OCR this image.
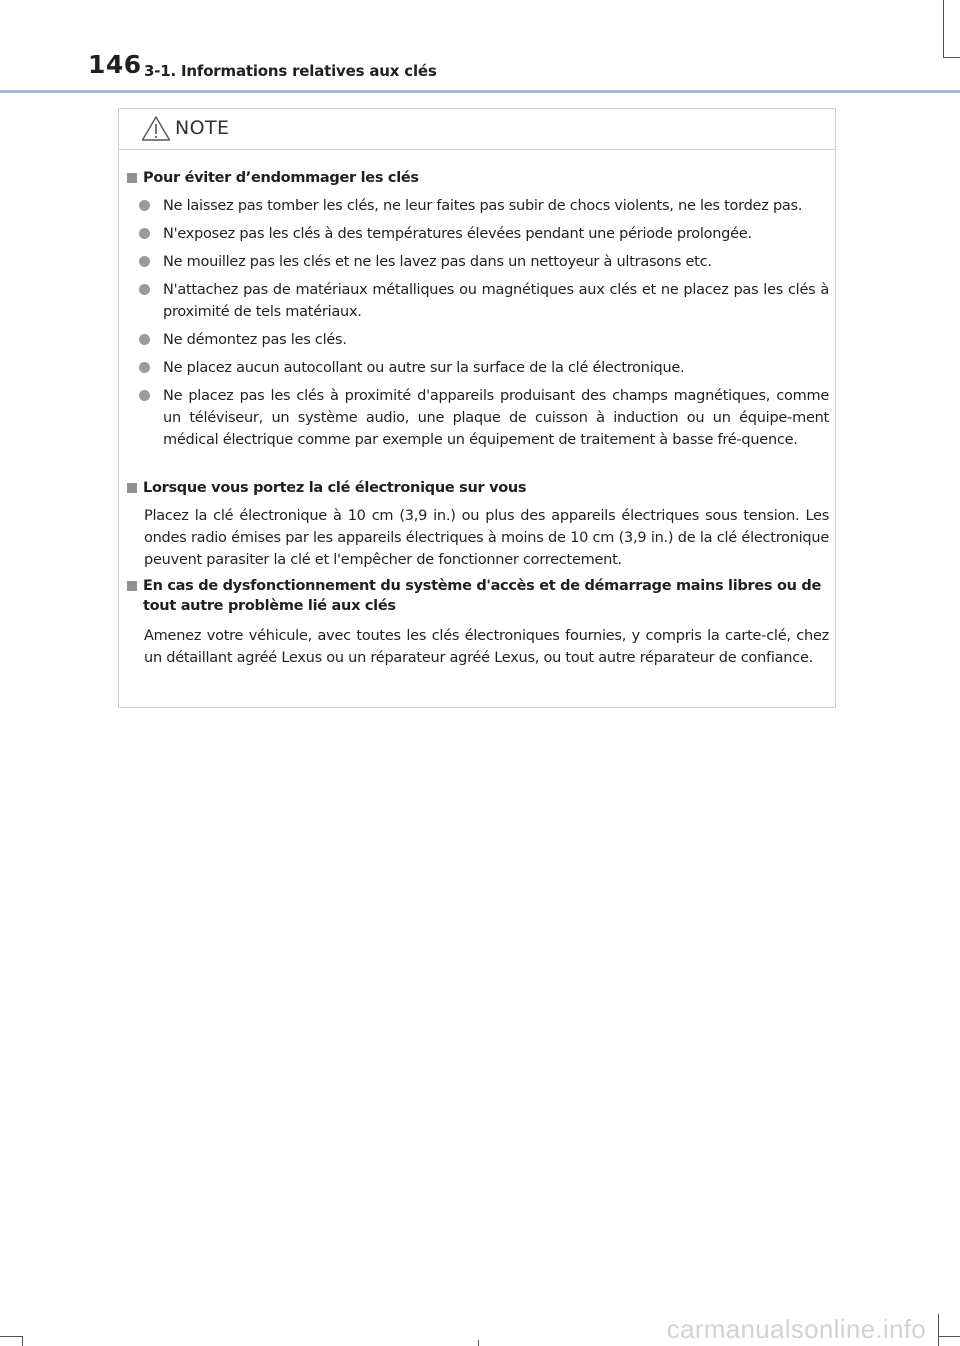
146 3-1. Informations relatives aux clés
NOTE
Pour éviter d’endommager les clés
Ne laissez pas tomber les clés, ne leur faites pas subir de chocs violents, ne les tordez pas.
N'exposez pas les clés à des températures élevées pendant une période prolongée.
Ne mouillez pas les clés et ne les lavez pas dans un nettoyeur à ultrasons etc.
N'attachez pas de matériaux métalliques ou magnétiques aux clés et ne placez pas les clés à proximité de tels matériaux.
Ne démontez pas les clés.
Ne placez aucun autocollant ou autre sur la surface de la clé électronique.
Ne placez pas les clés à proximité d'appareils produisant des champs magnétiques, comme un téléviseur, un système audio, une plaque de cuisson à induction ou un équipe-ment médical électrique comme par exemple un équipement de traitement à basse fré-quence.
Lorsque vous portez la clé électronique sur vous
Placez la clé électronique à 10 cm (3,9 in.) ou plus des appareils électriques sous tension. Les ondes radio émises par les appareils électriques à moins de 10 cm (3,9 in.) de la clé électronique peuvent parasiter la clé et l'empêcher de fonctionner correctement.
En cas de dysfonctionnement du système d'accès et de démarrage mains libres ou de tout autre problème lié aux clés
Amenez votre véhicule, avec toutes les clés électroniques fournies, y compris la carte-clé, chez un détaillant agréé Lexus ou un réparateur agréé Lexus, ou tout autre réparateur de confiance.
carmanualsonline.info
